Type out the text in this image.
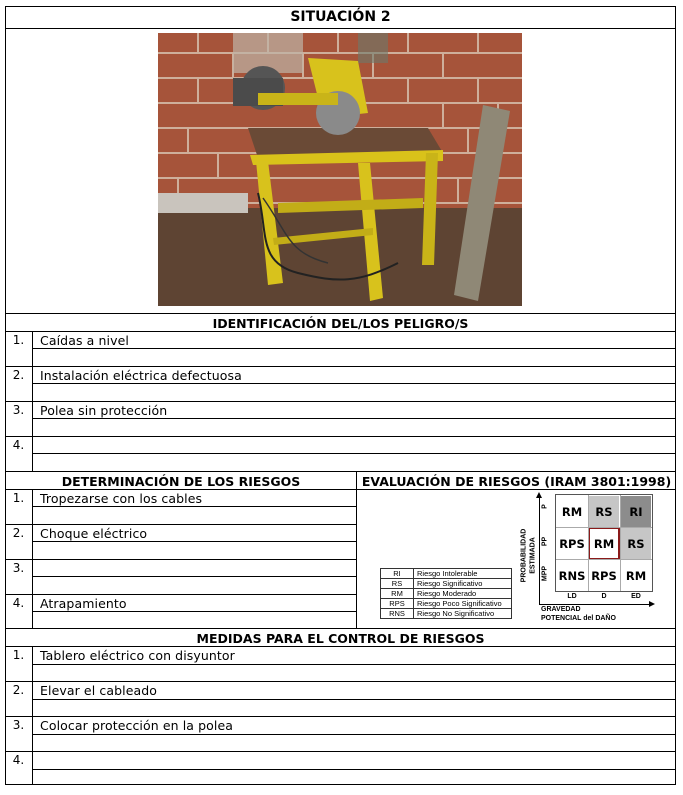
SITUACIÓN 2
IDENTIFICACIÓN DEL/LOS PELIGRO/S
1.	Caídas a nivel
2.	Instalación eléctrica defectuosa
3.	Polea sin protección
4.
DETERMINACIÓN DE LOS RIESGOS	EVALUACIÓN DE RIESGOS (IRAM 3801:1998)
1.	Tropezarse con los cables
2.	Choque eléctrico
3.
4.	Atrapamiento
RI	Riesgo Intolerable
RS	Riesgo Significativo
RM	Riesgo Moderado
RPS	Riesgo Poco Significativo
RNS	Riesgo No Significativo
PROBABILIDAD ESTIMADA
P
PP
MPP
RM	RS	RI
RPS RM	RS
RNS RPS RM
LD	D	ED
GRAVEDAD
POTENCIAL del DAÑO
MEDIDAS PARA EL CONTROL DE RIESGOS
1.	Tablero eléctrico con disyuntor
2.	Elevar el cableado
3.	Colocar protección en la polea
4.
